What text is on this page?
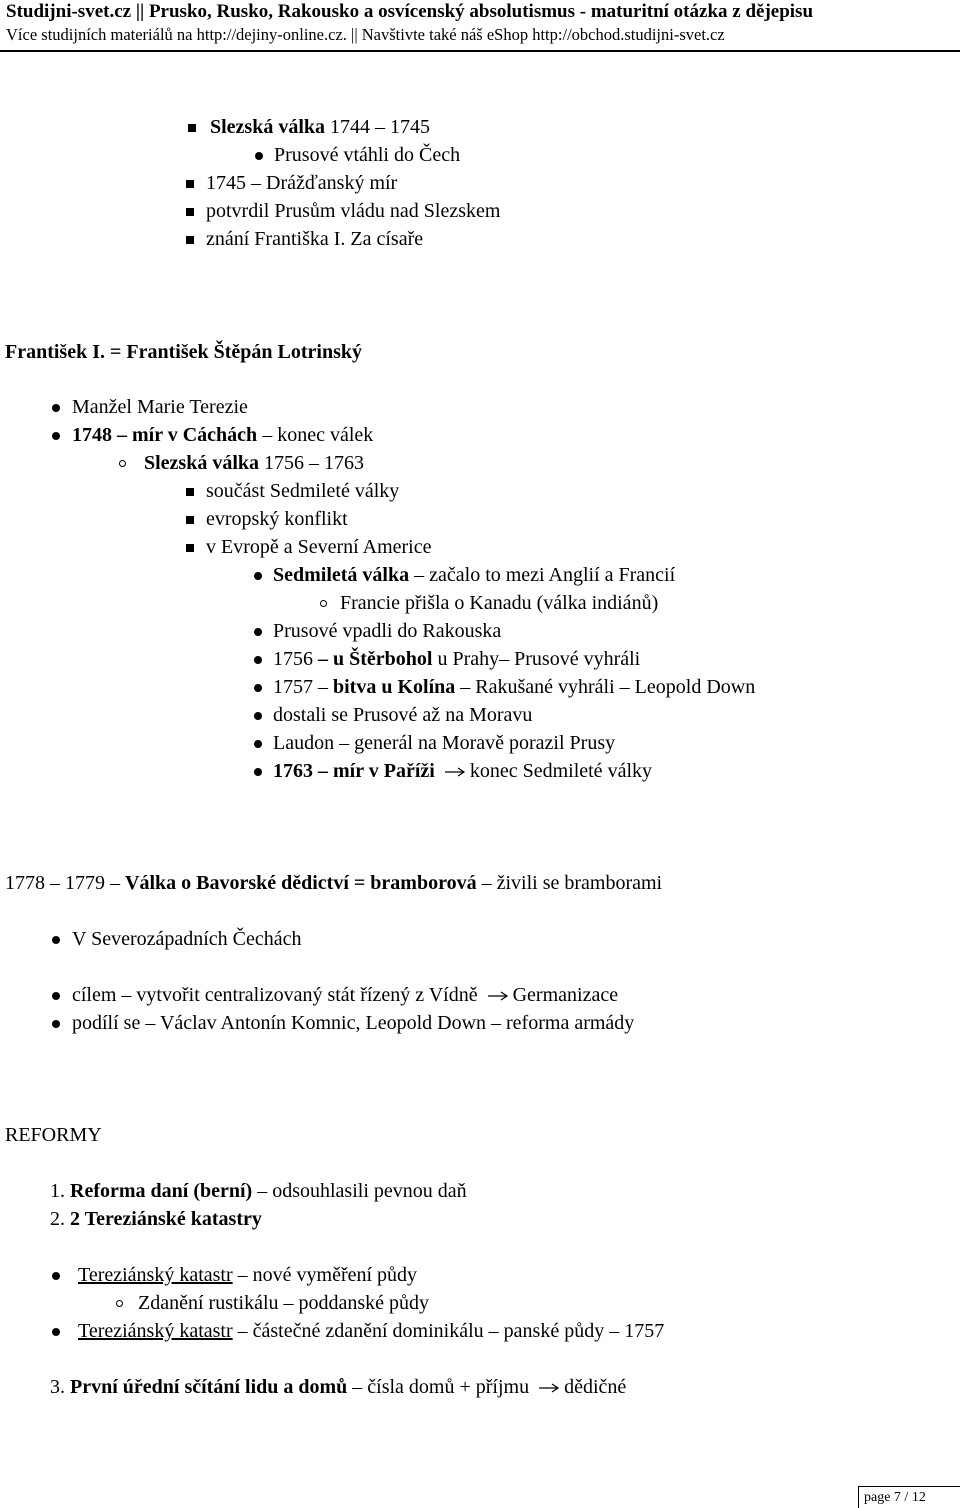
Studijni-svet.cz || Prusko, Rusko, Rakousko a osvícenský absolutismus - maturitní otázka z dějepisu
Více studijních materiálů na http://dejiny-online.cz. || Navštivte také náš eShop http://obchod.studijni-svet.cz
Slezská válka 1744 – 1745
Prusové vtáhli do Čech
1745 – Drážďanský mír
potvrdil Prusům vládu nad Slezskem
znání Františka I. Za císaře
František I. = František Štěpán Lotrinský
Manžel Marie Terezie
1748 – mír v Cáchách – konec válek
Slezská válka 1756 – 1763
součást Sedmileté války
evropský konflikt
v Evropě a Severní Americe
Sedmiletá válka – začalo to mezi Anglií a Francií
Francie přišla o Kanadu (válka indiánů)
Prusové vpadli do Rakouska
1756 – u Štěrbohol u Prahy– Prusové vyhráli
1757 – bitva u Kolína – Rakušané vyhráli – Leopold Down
dostali se Prusové až na Moravu
Laudon – generál na Moravě porazil Prusy
1763 – mír v Paříži konec Sedmileté války
1778 – 1779 – Válka o Bavorské dědictví = bramborová – živili se bramborami
V Severozápadních Čechách
cílem – vytvořit centralizovaný stát řízený z Vídně Germanizace
podílí se – Václav Antonín Komnic, Leopold Down – reforma armády
REFORMY
1. Reforma daní (berní) – odsouhlasili pevnou daň
2. 2 Tereziánské katastry
Tereziánský katastr – nové vyměření půdy
Zdanění rustikálu – poddanské půdy
Tereziánský katastr – částečné zdanění dominikálu – panské půdy – 1757
3. První úřední sčítání lidu a domů – čísla domů + příjmu dědičné
page 7 / 12
